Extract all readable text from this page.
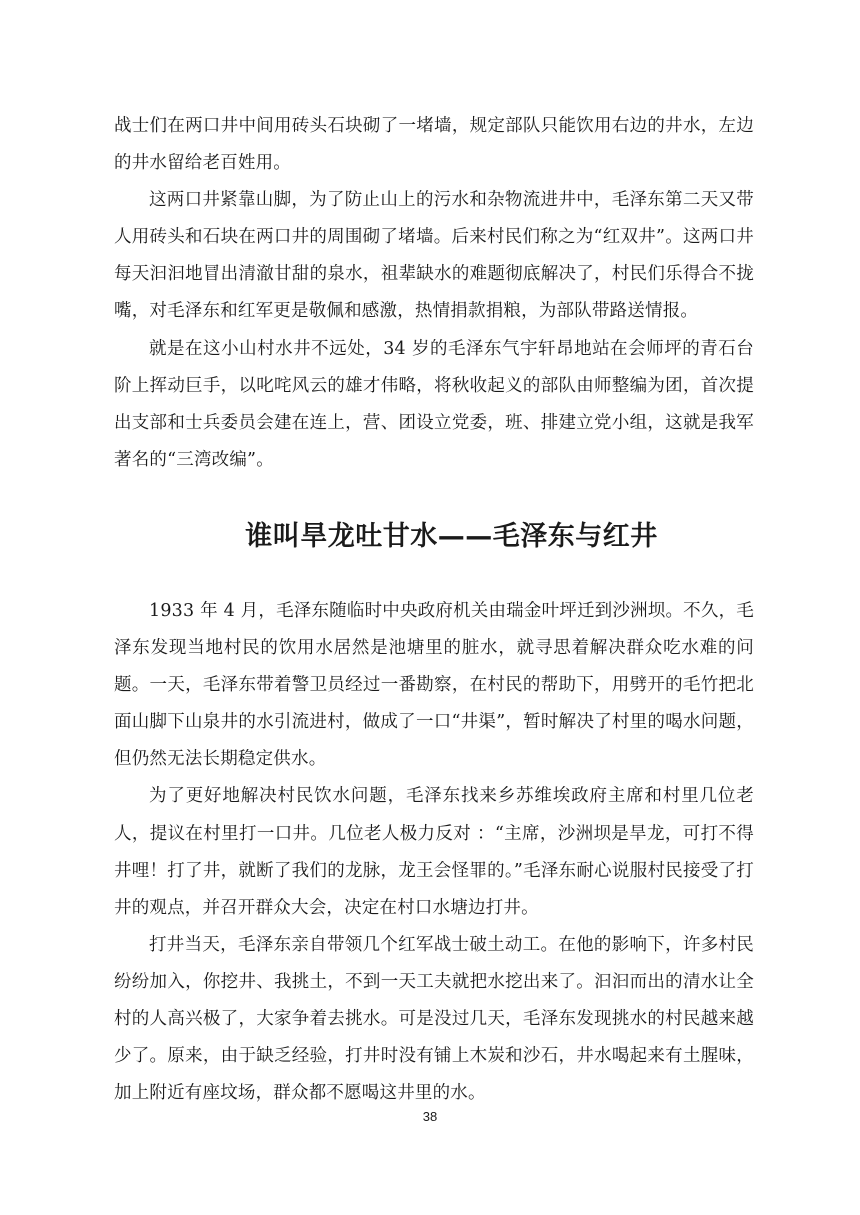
战士们在两口井中间用砖头石块砌了一堵墙，规定部队只能饮用右边的井水，左边的井水留给老百姓用。

这两口井紧靠山脚，为了防止山上的污水和杂物流进井中，毛泽东第二天又带人用砖头和石块在两口井的周围砌了堵墙。后来村民们称之为“红双井”。这两口井每天汩汩地冒出清澈甘甜的泉水，祖辈缺水的难题彻底解决了，村民们乐得合不拢嘴，对毛泽东和红军更是敬佩和感激，热情捐款捐粮，为部队带路送情报。

就是在这小山村水井不远处，34 岁的毛泽东气宇轩昂地站在会师坪的青石台阶上挥动巨手，以叱咤风云的雄才伟略，将秋收起义的部队由师整编为团，首次提出支部和士兵委员会建在连上，营、团设立党委，班、排建立党小组，这就是我军著名的“三湾改编”。

谁叫旱龙吐甘水——毛泽东与红井

1933 年 4 月，毛泽东随临时中央政府机关由瑞金叶坪迁到沙洲坝。不久，毛泽东发现当地村民的饮用水居然是池塘里的脏水，就寻思着解决群众吃水难的问题。一天，毛泽东带着警卫员经过一番勘察，在村民的帮助下，用劈开的毛竹把北面山脚下山泉井的水引流进村，做成了一口“井渠”，暂时解决了村里的喝水问题，但仍然无法长期稳定供水。

为了更好地解决村民饮水问题，毛泽东找来乡苏维埃政府主席和村里几位老人，提议在村里打一口井。几位老人极力反对 ：“主席，沙洲坝是旱龙，可打不得井哩！打了井，就断了我们的龙脉，龙王会怪罪的。”毛泽东耐心说服村民接受了打井的观点，并召开群众大会，决定在村口水塘边打井。

打井当天，毛泽东亲自带领几个红军战士破土动工。在他的影响下，许多村民纷纷加入，你挖井、我挑土，不到一天工夫就把水挖出来了。汩汩而出的清水让全村的人高兴极了，大家争着去挑水。可是没过几天，毛泽东发现挑水的村民越来越少了。原来，由于缺乏经验，打井时没有铺上木炭和沙石，井水喝起来有土腥味，加上附近有座坟场，群众都不愿喝这井里的水。

38
